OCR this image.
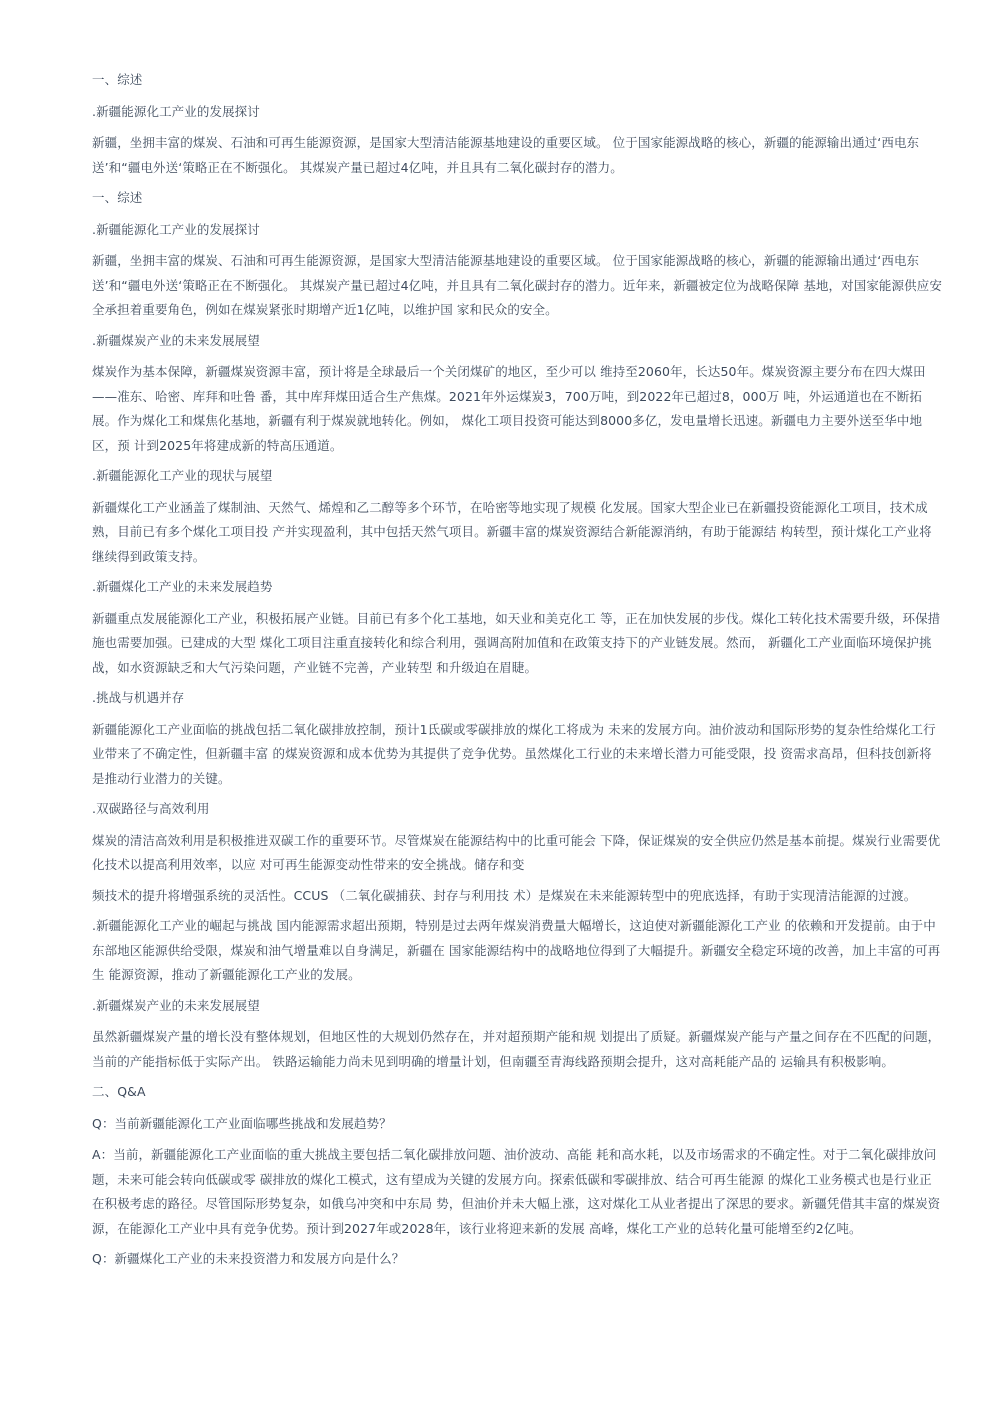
一、综述

.新疆能源化工产业的发展探讨

新疆，坐拥丰富的煤炭、石油和可再生能源资源，是国家大型清洁能源基地建设的重要区域。 位于国家能源战略的核心，新疆的能源输出通过‘西电东送’和“疆电外送‘策略正在不断强化。 其煤炭产量已超过4亿吨，并且具有二氧化碳封存的潜力。

一、综述

.新疆能源化工产业的发展探讨

新疆，坐拥丰富的煤炭、石油和可再生能源资源，是国家大型清洁能源基地建设的重要区域。 位于国家能源战略的核心，新疆的能源输出通过‘西电东送’和“疆电外送‘策略正在不断强化。 其煤炭产量已超过4亿吨，并且具有二氧化碳封存的潜力。近年来，新疆被定位为战略保障 基地，对国家能源供应安全承担着重要角色，例如在煤炭紧张时期增产近1亿吨，以维护国 家和民众的安全。

.新疆煤炭产业的未来发展展望

煤炭作为基本保障，新疆煤炭资源丰富，预计将是全球最后一个关闭煤矿的地区，至少可以 维持至2060年，长达50年。煤炭资源主要分布在四大煤田——准东、哈密、库拜和吐鲁 番，其中库拜煤田适合生产焦煤。2021年外运煤炭3，700万吨，到2022年已超过8，000万 吨，外运通道也在不断拓展。作为煤化工和煤焦化基地，新疆有利于煤炭就地转化。例如， 煤化工项目投资可能达到8000多亿，发电量增长迅速。新疆电力主要外送至华中地区，预 计到2025年将建成新的特高压通道。

.新疆能源化工产业的现状与展望

新疆煤化工产业涵盖了煤制油、天然气、烯煌和乙二醇等多个环节，在哈密等地实现了规模 化发展。国家大型企业已在新疆投资能源化工项目，技术成熟，目前已有多个煤化工项目投 产并实现盈利，其中包括天然气项目。新疆丰富的煤炭资源结合新能源消纳，有助于能源结 构转型，预计煤化工产业将继续得到政策支持。

.新疆煤化工产业的未来发展趋势

新疆重点发展能源化工产业，积极拓展产业链。目前已有多个化工基地，如天业和美克化工 等，正在加快发展的步伐。煤化工转化技术需要升级，环保措施也需要加强。已建成的大型 煤化工项目注重直接转化和综合利用，强调高附加值和在政策支持下的产业链发展。然而， 新疆化工产业面临环境保护挑战，如水资源缺乏和大气污染问题，产业链不完善，产业转型 和升级迫在眉睫。

.挑战与机遇并存

新疆能源化工产业面临的挑战包括二氧化碳排放控制，预计1氐碳或零碳排放的煤化工将成为 未来的发展方向。油价波动和国际形势的复杂性给煤化工行业带来了不确定性，但新疆丰富 的煤炭资源和成本优势为其提供了竞争优势。虽然煤化工行业的未来增长潜力可能受限，投 资需求高昂，但科技创新将是推动行业潜力的关键。

.双碳路径与高效利用

煤炭的清洁高效利用是积极推进双碳工作的重要环节。尽管煤炭在能源结构中的比重可能会 下降，保证煤炭的安全供应仍然是基本前提。煤炭行业需要优化技术以提高利用效率，以应 对可再生能源变动性带来的安全挑战。储存和变

频技术的提升将增强系统的灵活性。CCUS （二氧化碳捕获、封存与利用技 术）是煤炭在未来能源转型中的兜底选择，有助于实现清洁能源的过渡。

.新疆能源化工产业的崛起与挑战 国内能源需求超出预期，特别是过去两年煤炭消费量大幅增长，这迫使对新疆能源化工产业 的依赖和开发提前。由于中东部地区能源供给受限，煤炭和油气增量难以自身满足，新疆在 国家能源结构中的战略地位得到了大幅提升。新疆安全稳定环境的改善，加上丰富的可再生 能源资源，推动了新疆能源化工产业的发展。

.新疆煤炭产业的未来发展展望

虽然新疆煤炭产量的增长没有整体规划，但地区性的大规划仍然存在，并对超预期产能和规 划提出了质疑。新疆煤炭产能与产量之间存在不匹配的问题，当前的产能指标低于实际产出。 铁路运输能力尚未见到明确的增量计划，但南疆至青海线路预期会提升，这对高耗能产品的 运输具有积极影响。

二、Q&A

Q：当前新疆能源化工产业面临哪些挑战和发展趋势？

A：当前，新疆能源化工产业面临的重大挑战主要包括二氧化碳排放问题、油价波动、高能 耗和高水耗，以及市场需求的不确定性。对于二氧化碳排放问题，未来可能会转向低碳或零 碳排放的煤化工模式，这有望成为关键的发展方向。探索低碳和零碳排放、结合可再生能源 的煤化工业务模式也是行业正在积极考虑的路径。尽管国际形势复杂，如俄乌冲突和中东局 势，但油价并未大幅上涨，这对煤化工从业者提出了深思的要求。新疆凭借其丰富的煤炭资 源，在能源化工产业中具有竞争优势。预计到2027年或2028年，该行业将迎来新的发展 高峰，煤化工产业的总转化量可能增至约2亿吨。

Q：新疆煤化工产业的未来投资潜力和发展方向是什么？
